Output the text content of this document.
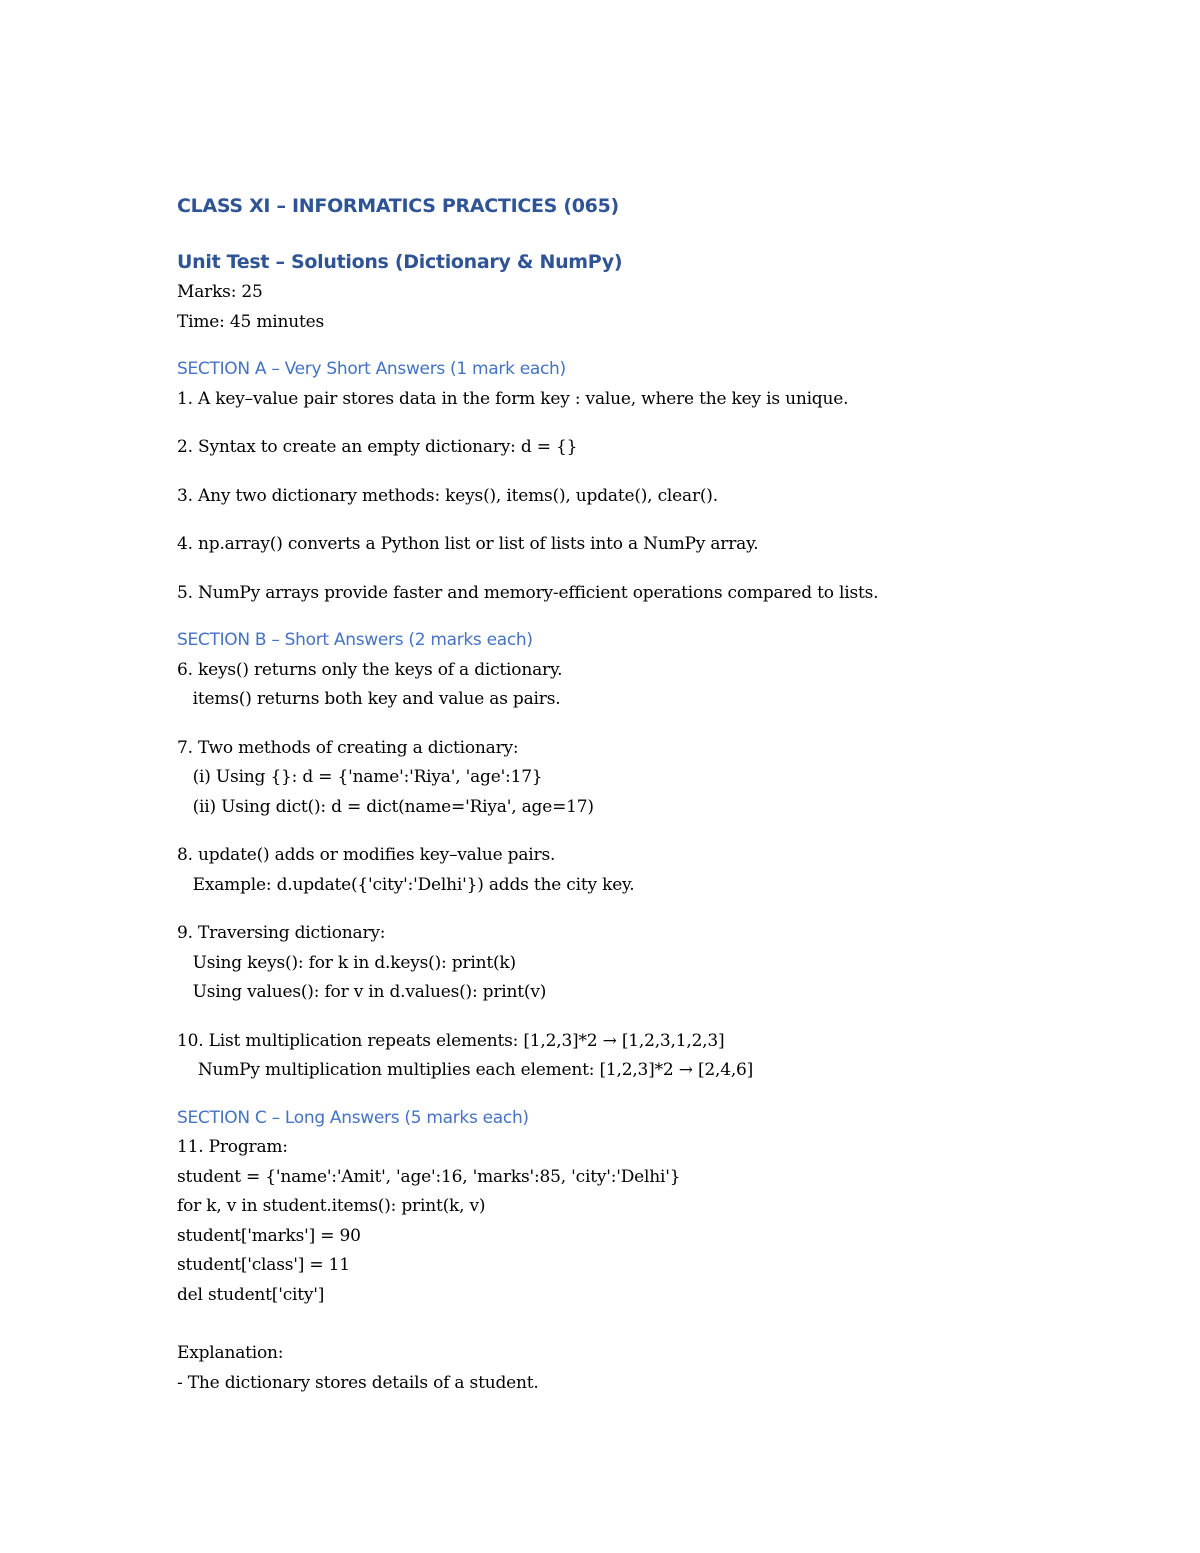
CLASS XI – INFORMATICS PRACTICES (065)
Unit Test – Solutions (Dictionary & NumPy)
Marks: 25
Time: 45 minutes
SECTION A – Very Short Answers (1 mark each)
1. A key–value pair stores data in the form key : value, where the key is unique.
2. Syntax to create an empty dictionary: d = {}
3. Any two dictionary methods: keys(), items(), update(), clear().
4. np.array() converts a Python list or list of lists into a NumPy array.
5. NumPy arrays provide faster and memory-efficient operations compared to lists.
SECTION B – Short Answers (2 marks each)
6. keys() returns only the keys of a dictionary.
items() returns both key and value as pairs.
7. Two methods of creating a dictionary:
(i) Using {}: d = {'name':'Riya', 'age':17}
(ii) Using dict(): d = dict(name='Riya', age=17)
8. update() adds or modifies key–value pairs.
Example: d.update({'city':'Delhi'}) adds the city key.
9. Traversing dictionary:
Using keys(): for k in d.keys(): print(k)
Using values(): for v in d.values(): print(v)
10. List multiplication repeats elements: [1,2,3]*2 → [1,2,3,1,2,3]
NumPy multiplication multiplies each element: [1,2,3]*2 → [2,4,6]
SECTION C – Long Answers (5 marks each)
11. Program:
student = {'name':'Amit', 'age':16, 'marks':85, 'city':'Delhi'}
for k, v in student.items(): print(k, v)
student['marks'] = 90
student['class'] = 11
del student['city']
Explanation:
- The dictionary stores details of a student.
